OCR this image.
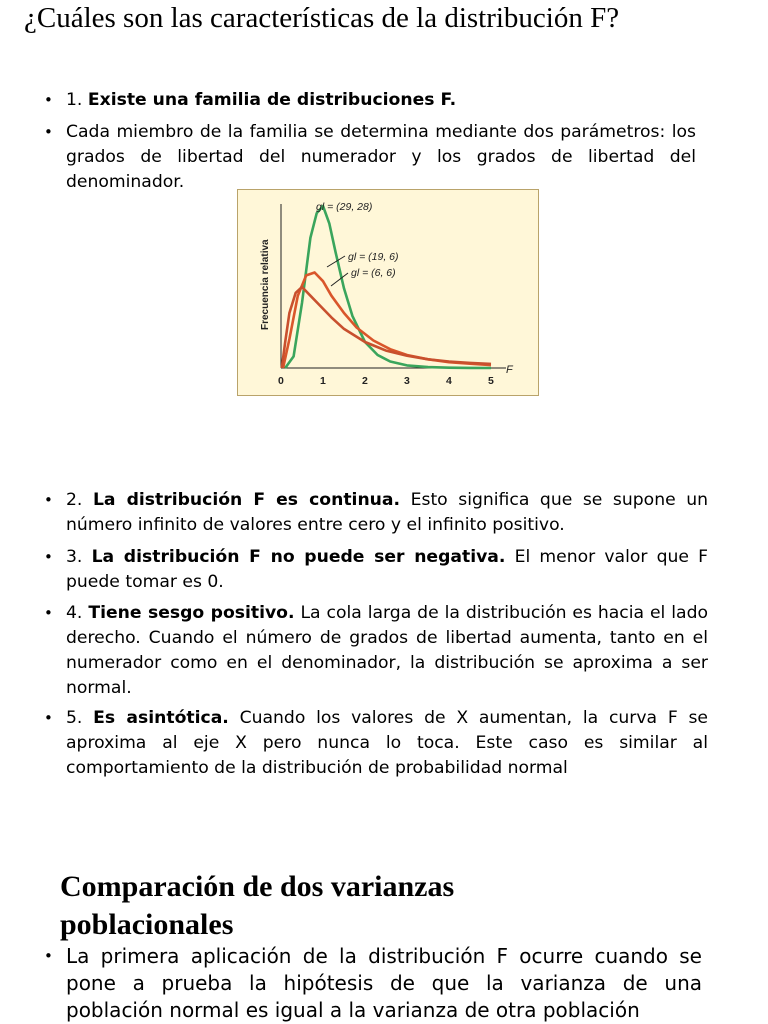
¿Cuáles son las características de la distribución F?
• 1. Existe una familia de distribuciones F.
• Cada miembro de la familia se determina mediante dos parámetros: los grados de libertad del numerador y los grados de libertad del denominador.
Frecuencia relativa
F
0	1	2	3	4	5
gl = (29, 28)
gl = (19, 6)
gl = (6, 6)
• 2. La distribución F es continua. Esto significa que se supone un número infinito de valores entre cero y el infinito positivo.
• 3. La distribución F no puede ser negativa. El menor valor que F puede tomar es 0.
• 4. Tiene sesgo positivo. La cola larga de la distribución es hacia el lado derecho. Cuando el número de grados de libertad aumenta, tanto en el numerador como en el denominador, la distribución se aproxima a ser normal.
• 5. Es asintótica. Cuando los valores de X aumentan, la curva F se aproxima al eje X pero nunca lo toca. Este caso es similar al comportamiento de la distribución de probabilidad normal
Comparación de dos varianzas poblacionales
• La primera aplicación de la distribución F ocurre cuando se pone a prueba la hipótesis de que la varianza de una población normal es igual a la varianza de otra población
